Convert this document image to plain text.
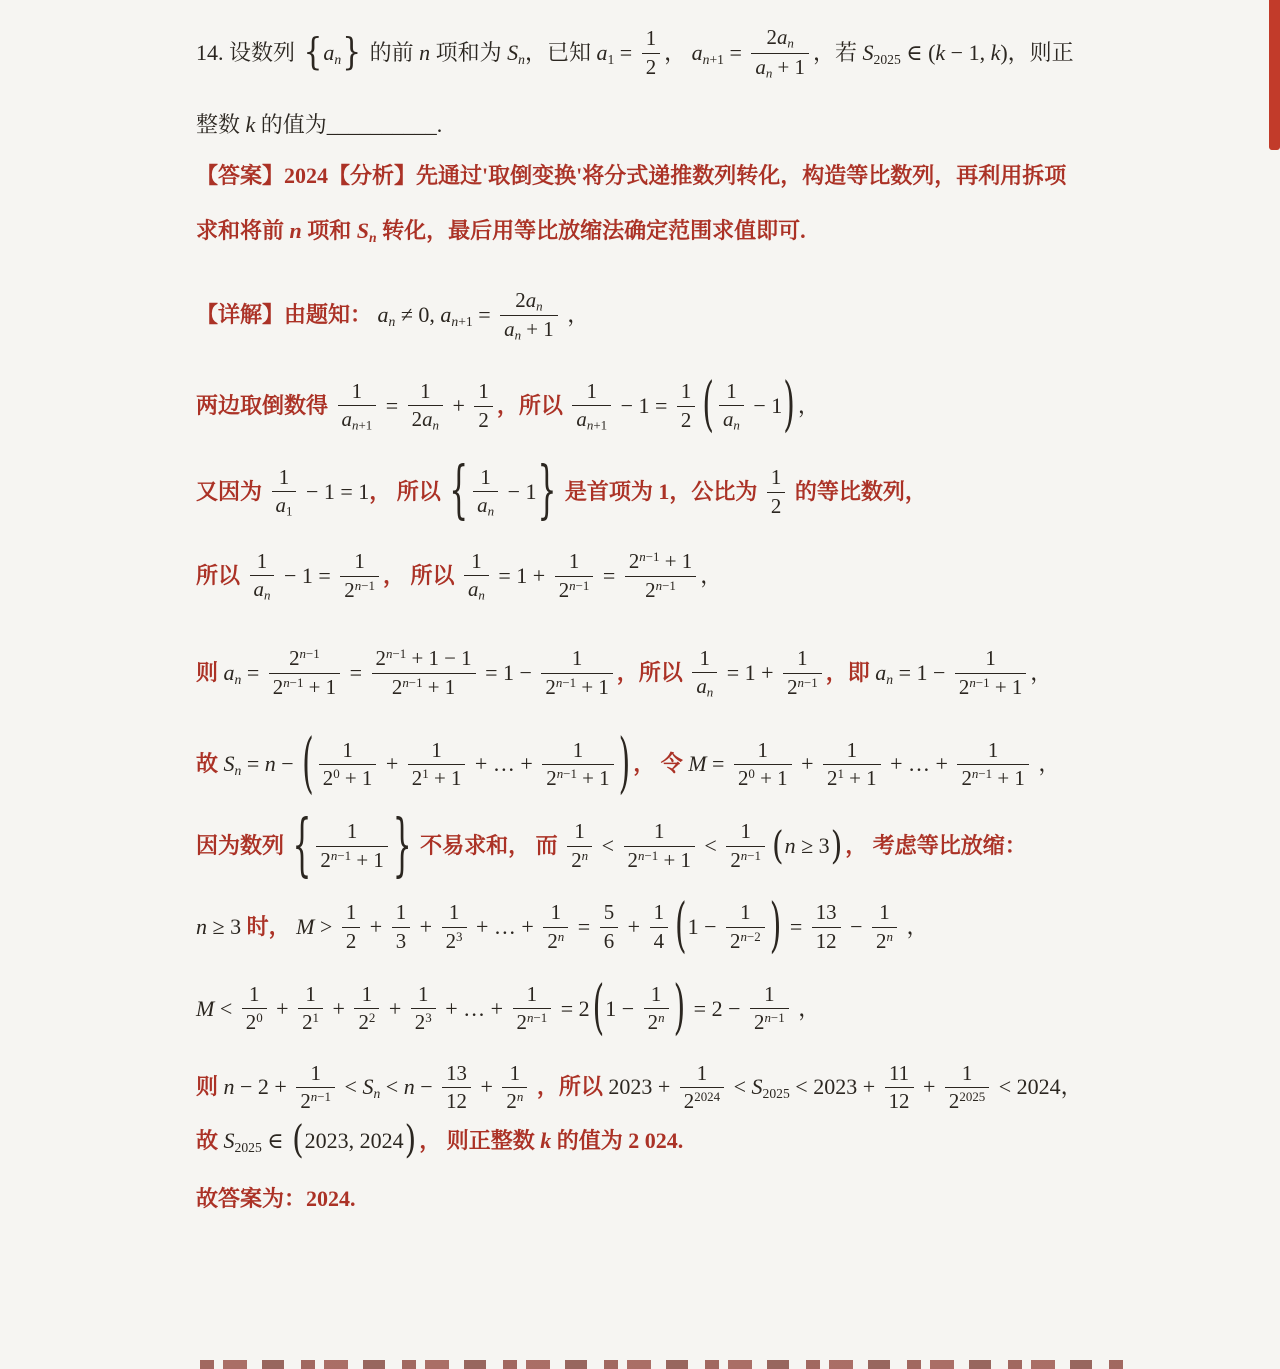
14. 设数列 { $a_n$ } 的前 n 项和为 $S_n$，已知 $a_1 = \frac{1}{2}$ ， $a_{n+1} = \frac{2a_n}{a_n + 1}$ ，若 $S_{2025}$ ∈ (k − 1, k)，则正
整数 k 的值为__________.
【答案】2024【分析】先通过'取倒变换'将分式递推数列转化，构造等比数列，再利用拆项
求和将前 n 项和 $S_n$ 转化，最后用等比放缩法确定范围求值即可.
【详解】由题知： $a_n \ne 0$, $a_{n+1} = \frac{2a_n}{a_n + 1}$ ，
两边取倒数得 $\frac{1}{a_{n+1}} = \frac{1}{2a_n} + \frac{1}{2}$ ，所以 $\frac{1}{a_{n+1}} - 1 = \frac{1}{2}$ ( $\frac{1}{a_n} - 1$ ) ，
又因为 $\frac{1}{a_1} - 1 = 1$ ， 所以 { $\frac{1}{a_n} - 1$ } 是首项为 1，公比为 $\frac{1}{2}$ 的等比数列，
所以 $\frac{1}{a_n} - 1 = \frac{1}{2^{n-1}}$ ， 所以 $\frac{1}{a_n} = 1 + \frac{1}{2^{n-1}} = \frac{2^{n-1} + 1}{2^{n-1}}$ ，
则 $a_n = \frac{2^{n-1}}{2^{n-1} + 1} = \frac{2^{n-1} + 1 - 1}{2^{n-1} + 1} = 1 - \frac{1}{2^{n-1} + 1}$ ，所以 $\frac{1}{a_n} = 1 + \frac{1}{2^{n-1}}$ ，即 $a_n = 1 - \frac{1}{2^{n-1} + 1}$ ，
故 $S_n = n$ − ( $\frac{1}{2^0 + 1} + \frac{1}{2^1 + 1}$ + … + $\frac{1}{2^{n-1} + 1}$ ) ， 令 $M = \frac{1}{2^0 + 1} + \frac{1}{2^1 + 1}$ + … + $\frac{1}{2^{n-1} + 1}$ ，
因为数列 { $\frac{1}{2^{n-1} + 1}$ } 不易求和， 而 $\frac{1}{2^n} < \frac{1}{2^{n-1} + 1} < \frac{1}{2^{n-1}}$ ( n ≥ 3 ) ， 考虑等比放缩：
n ≥ 3 时， $M > \frac{1}{2} + \frac{1}{3} + \frac{1}{2^3}$ + … + $\frac{1}{2^n} = \frac{5}{6} + \frac{1}{4}$ ( $1 - \frac{1}{2^{n-2}}$ ) = $\frac{13}{12} - \frac{1}{2^n}$ ，
$M < \frac{1}{2^0} + \frac{1}{2^1} + \frac{1}{2^2} + \frac{1}{2^3}$ + … + $\frac{1}{2^{n-1}} = 2$ ( $1 - \frac{1}{2^n}$ ) = $2 - \frac{1}{2^{n-1}}$ ，
则 $n - 2 + \frac{1}{2^{n-1}} < S_n < n - \frac{13}{12} + \frac{1}{2^n}$ ，所以 $2023 + \frac{1}{2^{2024}} < S_{2025} < 2023 + \frac{11}{12} + \frac{1}{2^{2025}} < 2024$，
故 $S_{2025}$ ∈ ( 2023, 2024 ) ， 则正整数 k 的值为 2 024.
故答案为：2024.
